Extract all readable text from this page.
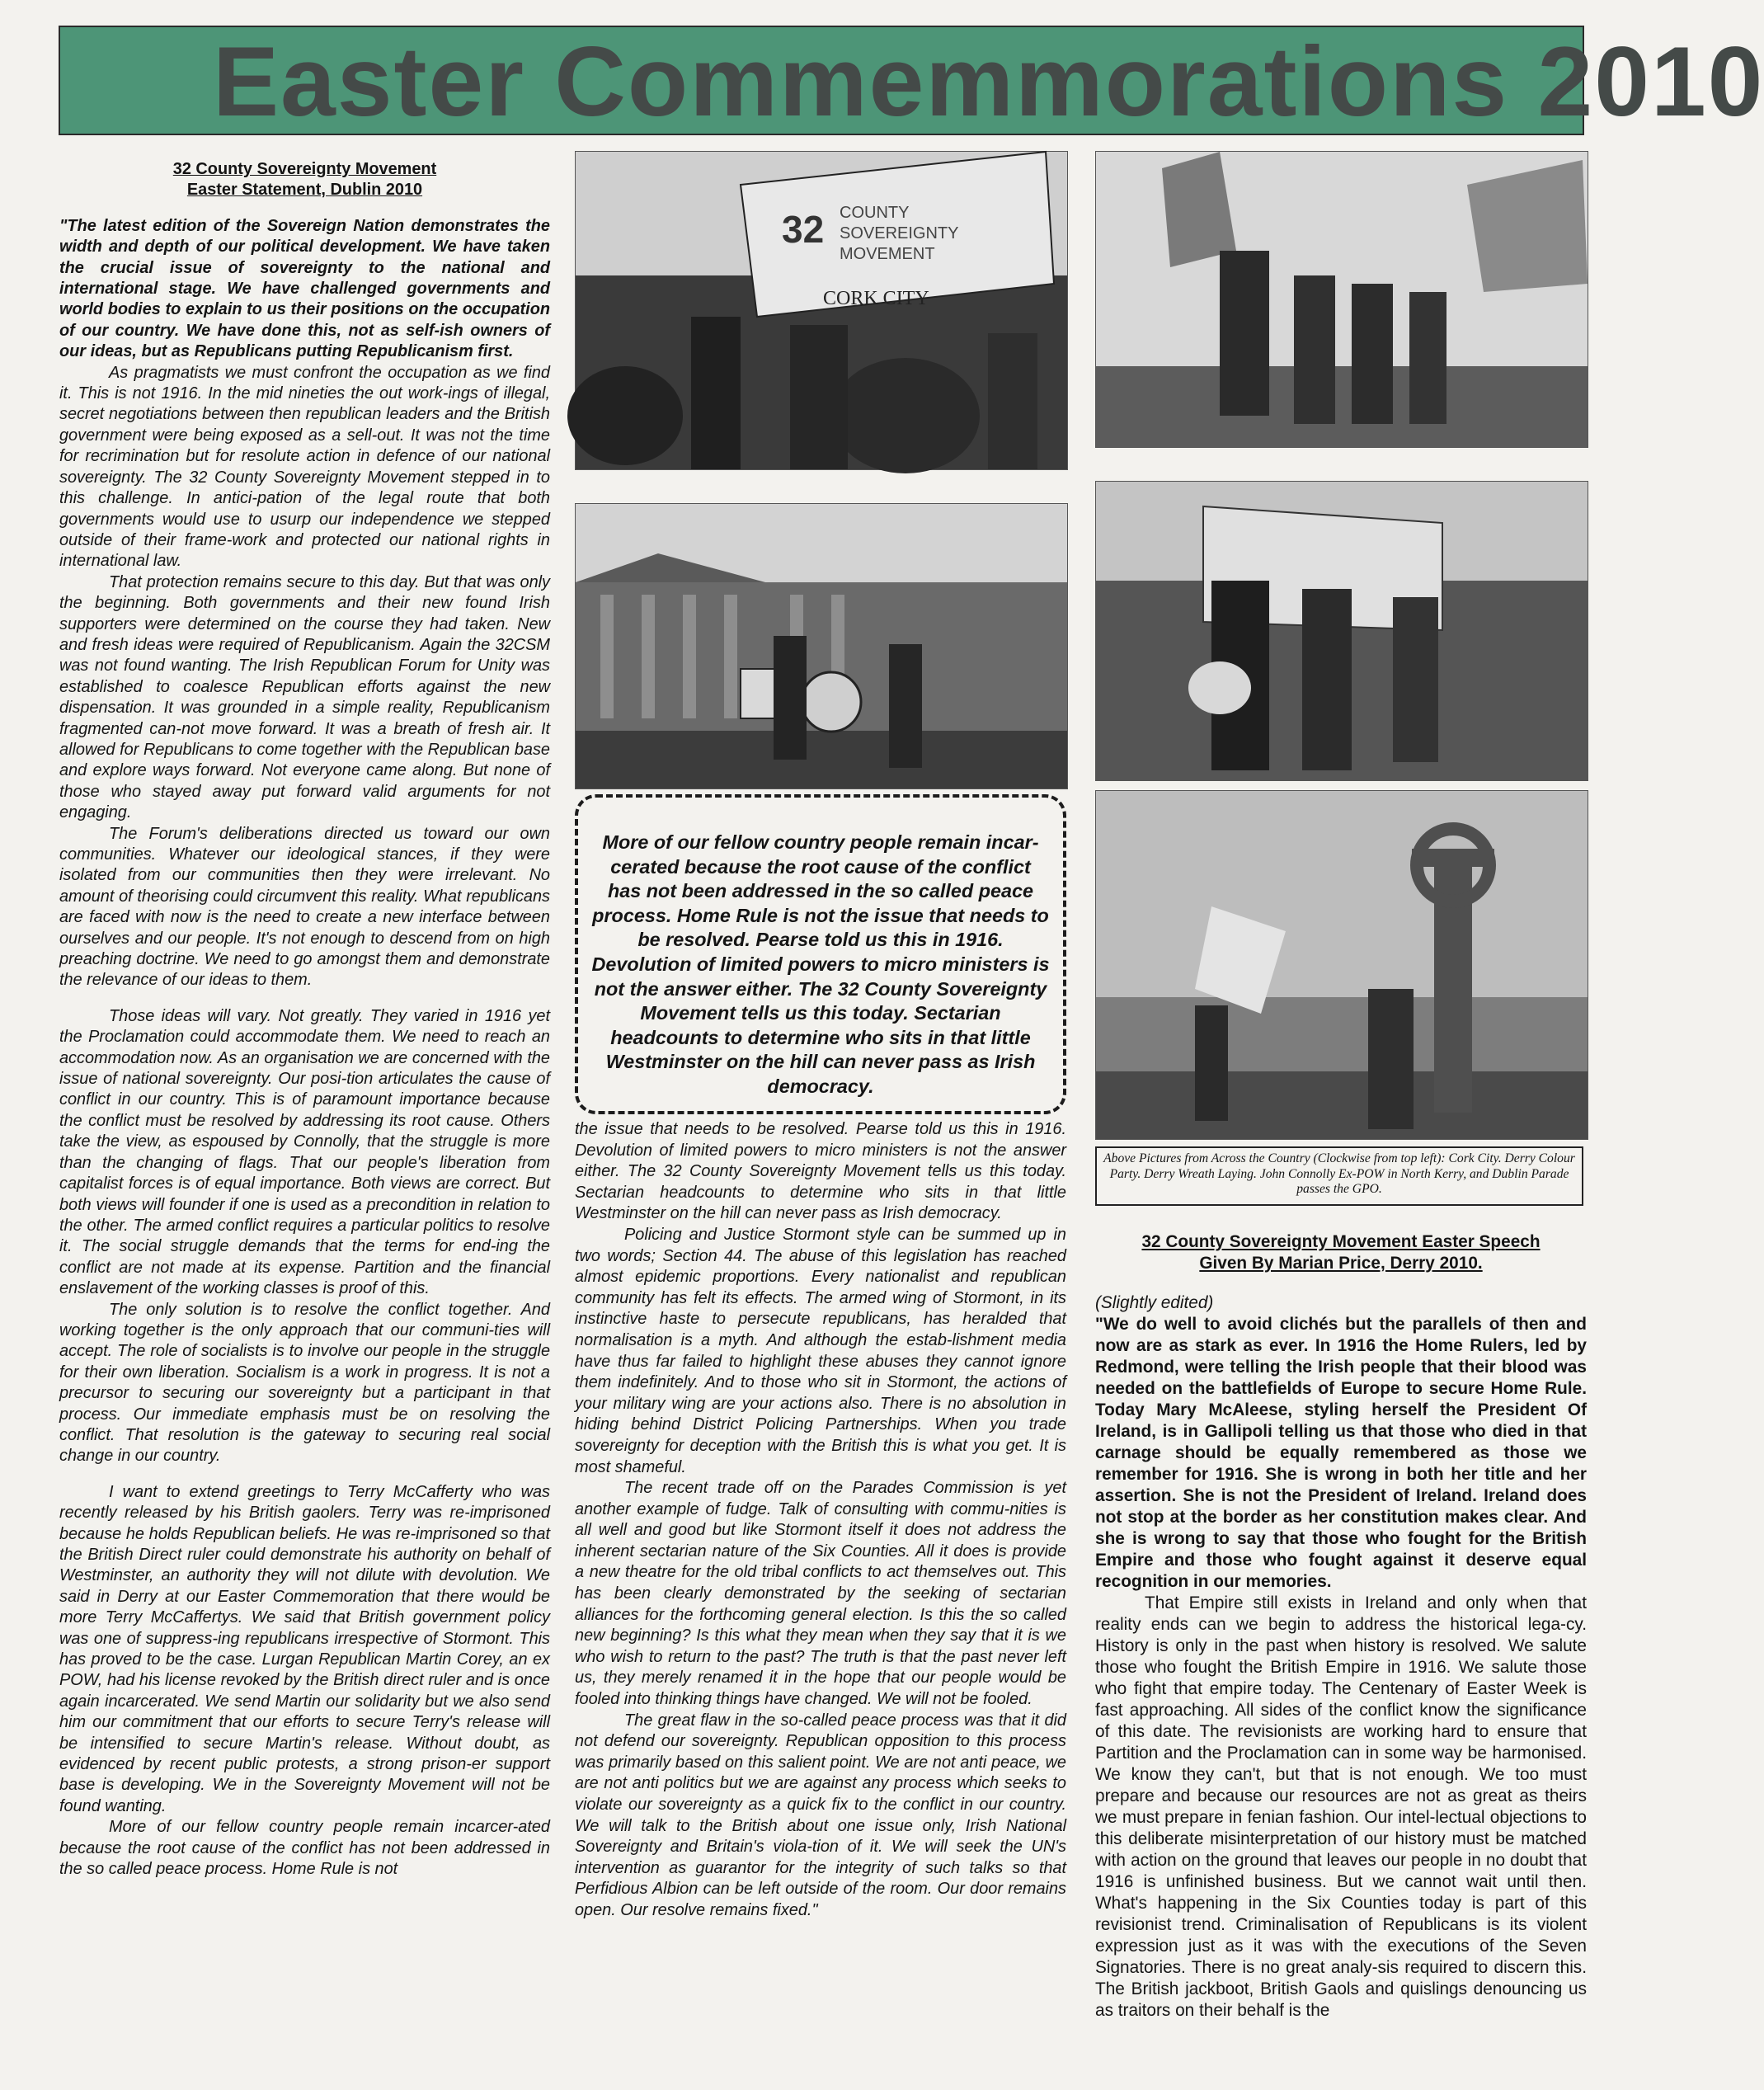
Easter Commemmorations 2010

32 County Sovereignty Movement

Easter Statement, Dublin 2010

"The latest edition of the Sovereign Nation demonstrates the width and depth of our political development. We have taken the crucial issue of sovereignty to the national and international stage. We have challenged governments and world bodies to explain to us their positions on the occupation of our country. We have done this, not as self-ish owners of our ideas, but as Republicans putting Republicanism first.

As pragmatists we must confront the occupation as we find it. This is not 1916. In the mid nineties the out work-ings of illegal, secret negotiations between then republican leaders and the British government were being exposed as a sell-out. It was not the time for recrimination but for resolute action in defence of our national sovereignty. The 32 County Sovereignty Movement stepped in to this challenge. In antici-pation of the legal route that both governments would use to usurp our independence we stepped outside of their frame-work and protected our national rights in international law.

That protection remains secure to this day. But that was only the beginning. Both governments and their new found Irish supporters were determined on the course they had taken. New and fresh ideas were required of Republicanism. Again the 32CSM was not found wanting. The Irish Republican Forum for Unity was established to coalesce Republican efforts against the new dispensation. It was grounded in a simple reality, Republicanism fragmented can-not move forward. It was a breath of fresh air. It allowed for Republicans to come together with the Republican base and explore ways forward. Not everyone came along. But none of those who stayed away put forward valid arguments for not engaging.

The Forum's deliberations directed us toward our own communities. Whatever our ideological stances, if they were isolated from our communities then they were irrelevant. No amount of theorising could circumvent this reality. What republicans are faced with now is the need to create a new interface between ourselves and our people. It's not enough to descend from on high preaching doctrine. We need to go amongst them and demonstrate the relevance of our ideas to them.

Those ideas will vary. Not greatly. They varied in 1916 yet the Proclamation could accommodate them. We need to reach an accommodation now. As an organisation we are concerned with the issue of national sovereignty. Our posi-tion articulates the cause of conflict in our country. This is of paramount importance because the conflict must be resolved by addressing its root cause. Others take the view, as espoused by Connolly, that the struggle is more than the changing of flags. That our people's liberation from capitalist forces is of equal importance. Both views are correct. But both views will founder if one is used as a precondition in relation to the other. The armed conflict requires a particular politics to resolve it. The social struggle demands that the terms for end-ing the conflict are not made at its expense. Partition and the financial enslavement of the working classes is proof of this.

The only solution is to resolve the conflict together. And working together is the only approach that our communi-ties will accept. The role of socialists is to involve our people in the struggle for their own liberation. Socialism is a work in progress. It is not a precursor to securing our sovereignty but a participant in that process. Our immediate emphasis must be on resolving the conflict. That resolution is the gateway to securing real social change in our country.

I want to extend greetings to Terry McCafferty who was recently released by his British gaolers. Terry was re-imprisoned because he holds Republican beliefs. He was re-imprisoned so that the British Direct ruler could demonstrate his authority on behalf of Westminster, an authority they will not dilute with devolution. We said in Derry at our Easter Commemoration that there would be more Terry McCaffertys. We said that British government policy was one of suppress-ing republicans irrespective of Stormont. This has proved to be the case. Lurgan Republican Martin Corey, an ex POW, had his license revoked by the British direct ruler and is once again incarcerated. We send Martin our solidarity but we also send him our commitment that our efforts to secure Terry's release will be intensified to secure Martin's release. Without doubt, as evidenced by recent public protests, a strong prison-er support base is developing. We in the Sovereignty Movement will not be found wanting.

More of our fellow country people remain incarcer-ated because the root cause of the conflict has not been addressed in the so called peace process. Home Rule is not

32 COUNTY
SOVEREIGNTY
MOVEMENT
CORK CITY
More of our fellow country people remain incar-cerated because the root cause of the conflict has not been addressed in the so called peace process. Home Rule is not the issue that needs to be resolved. Pearse told us this in 1916. Devolution of limited powers to micro ministers is not the answer either. The 32 County Sovereignty Movement tells us this today. Sectarian headcounts to determine who sits in that little Westminster on the hill can never pass as Irish democracy.

the issue that needs to be resolved. Pearse told us this in 1916. Devolution of limited powers to micro ministers is not the answer either. The 32 County Sovereignty Movement tells us this today. Sectarian headcounts to determine who sits in that little Westminster on the hill can never pass as Irish democracy.

Policing and Justice Stormont style can be summed up in two words; Section 44. The abuse of this legislation has reached almost epidemic proportions. Every nationalist and republican community has felt its effects. The armed wing of Stormont, in its instinctive haste to persecute republicans, has heralded that normalisation is a myth. And although the estab-lishment media have thus far failed to highlight these abuses they cannot ignore them indefinitely. And to those who sit in Stormont, the actions of your military wing are your actions also. There is no absolution in hiding behind District Policing Partnerships. When you trade sovereignty for deception with the British this is what you get. It is most shameful.

The recent trade off on the Parades Commission is yet another example of fudge. Talk of consulting with commu-nities is all well and good but like Stormont itself it does not address the inherent sectarian nature of the Six Counties. All it does is provide a new theatre for the old tribal conflicts to act themselves out. This has been clearly demonstrated by the seeking of sectarian alliances for the forthcoming general election. Is this the so called new beginning? Is this what they mean when they say that it is we who wish to return to the past? The truth is that the past never left us, they merely renamed it in the hope that our people would be fooled into thinking things have changed. We will not be fooled.

The great flaw in the so-called peace process was that it did not defend our sovereignty. Republican opposition to this process was primarily based on this salient point. We are not anti peace, we are not anti politics but we are against any process which seeks to violate our sovereignty as a quick fix to the conflict in our country. We will talk to the British about one issue only, Irish National Sovereignty and Britain's viola-tion of it. We will seek the UN's intervention as guarantor for the integrity of such talks so that Perfidious Albion can be left outside of the room. Our door remains open. Our resolve remains fixed."

Above Pictures from Across the Country (Clockwise from top left): Cork City. Derry Colour Party. Derry Wreath Laying. John Connolly Ex-POW in North Kerry, and Dublin Parade passes the GPO.

32 County Sovereignty Movement Easter Speech

Given By Marian Price, Derry 2010.

(Slightly edited)

"We do well to avoid clichés but the parallels of then and now are as stark as ever. In 1916 the Home Rulers, led by Redmond, were telling the Irish people that their blood was needed on the battlefields of Europe to secure Home Rule. Today Mary McAleese, styling herself the President Of Ireland, is in Gallipoli telling us that those who died in that carnage should be equally remembered as those we remember for 1916. She is wrong in both her title and her assertion. She is not the President of Ireland. Ireland does not stop at the border as her constitution makes clear. And she is wrong to say that those who fought for the British Empire and those who fought against it deserve equal recognition in our memories.

That Empire still exists in Ireland and only when that reality ends can we begin to address the historical lega-cy. History is only in the past when history is resolved. We salute those who fought the British Empire in 1916. We salute those who fight that empire today. The Centenary of Easter Week is fast approaching. All sides of the conflict know the significance of this date. The revisionists are working hard to ensure that Partition and the Proclamation can in some way be harmonised. We know they can't, but that is not enough. We too must prepare and because our resources are not as great as theirs we must prepare in fenian fashion. Our intel-lectual objections to this deliberate misinterpretation of our history must be matched with action on the ground that leaves our people in no doubt that 1916 is unfinished business. But we cannot wait until then. What's happening in the Six Counties today is part of this revisionist trend. Criminalisation of Republicans is its violent expression just as it was with the executions of the Seven Signatories. There is no great analy-sis required to discern this. The British jackboot, British Gaols and quislings denouncing us as traitors on their behalf is the
